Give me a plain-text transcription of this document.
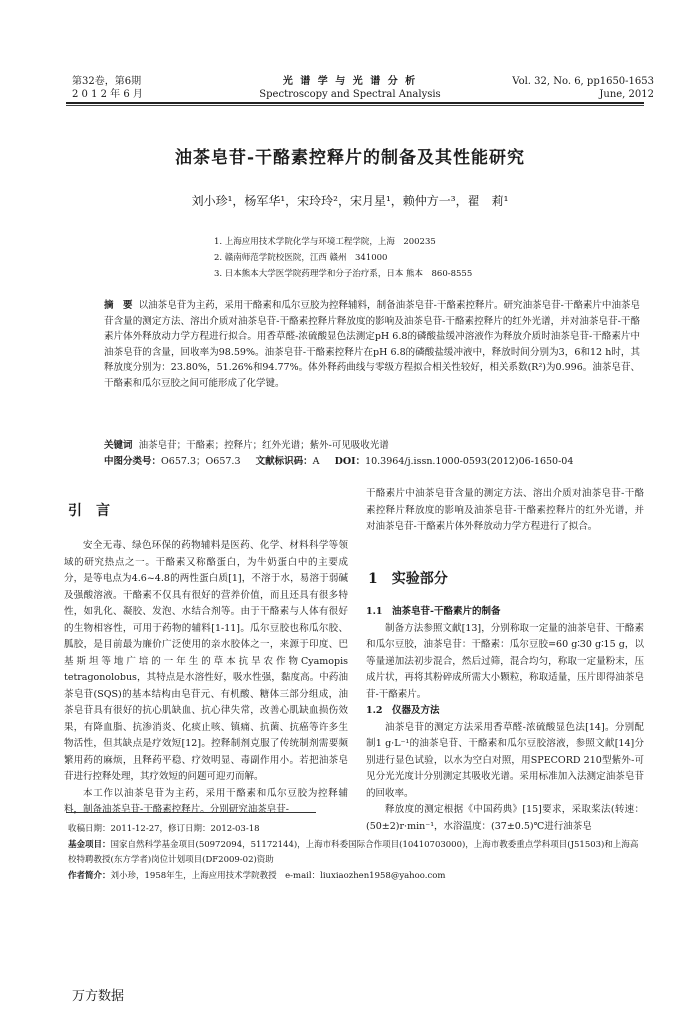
第32卷，第6期
2 0 1 2 年 6 月
光 谱 学 与 光 谱 分 析
Spectroscopy and Spectral Analysis
Vol. 32, No. 6, pp1650-1653
June, 2012
油茶皂苷-干酪素控释片的制备及其性能研究
刘小珍¹，杨军华¹，宋玲玲²，宋月星¹，赖仲方一³，翟　莉¹
1. 上海应用技术学院化学与环境工程学院，上海　200235
2. 赣南师范学院校医院，江西 赣州　341000
3. 日本熊本大学医学院药理学和分子治疗系，日本 熊本　860-8555
摘　要 以油茶皂苷为主药，采用干酪素和瓜尔豆胶为控释辅料，制备油茶皂苷-干酪素控释片。研究油茶皂苷-干酪素片中油茶皂苷含量的测定方法、溶出介质对油茶皂苷-干酪素控释片释放度的影响及油茶皂苷-干酪素控释片的红外光谱，并对油茶皂苷-干酪素片体外释放动力学方程进行拟合。用香草醛-浓硫酸显色法测定pH 6.8的磷酸盐缓冲溶液作为释放介质时油茶皂苷-干酪素片中油茶皂苷的含量，回收率为98.59%。油茶皂苷-干酪素控释片在pH 6.8的磷酸盐缓冲液中，释放时间分别为3，6和12 h时，其释放度分别为：23.80%，51.26%和94.77%。体外释药曲线与零级方程拟合相关性较好，相关系数(R²)为0.996。油茶皂苷、干酪素和瓜尔豆胶之间可能形成了化学键。
关键词 油茶皂苷；干酪素；控释片；红外光谱；紫外-可见吸收光谱
中图分类号：O657.3；O657.3 文献标识码：A DOI：10.3964/j.issn.1000-0593(2012)06-1650-04
引　言

安全无毒、绿色环保的药物辅料是医药、化学、材料科学等领域的研究热点之一。干酪素又称酪蛋白，为牛奶蛋白中的主要成分，是等电点为4.6~4.8的两性蛋白质[1]，不溶于水，易溶于弱碱及强酸溶液。干酪素不仅具有很好的营养价值，而且还具有很多特性，如乳化、凝胶、发泡、水结合剂等。由于干酪素与人体有很好的生物相容性，可用于药物的辅料[1-11]。瓜尔豆胶也称瓜尔胶、胍胶，是目前最为廉价广泛使用的亲水胶体之一，来源于印度、巴基斯坦等地广培的一年生的草本抗旱农作物Cyamopis tetragonolobus，其特点是水溶性好，吸水性强，黏度高。中药油茶皂苷(SQS)的基本结构由皂苷元、有机酸、糖体三部分组成，油茶皂苷具有很好的抗心肌缺血、抗心律失常，改善心肌缺血损伤效果，有降血脂、抗渗消炎、化痰止咳、镇痛、抗菌、抗癌等许多生物活性，但其缺点是疗效短[12]。控释制剂克服了传统制剂需要频繁用药的麻烦，且释药平稳、疗效明显、毒副作用小。若把油茶皂苷进行控释处理，其疗效短的问题可迎刃而解。

本工作以油茶皂苷为主药，采用干酪素和瓜尔豆胶为控释辅料，制备油茶皂苷-干酪素控释片。分别研究油茶皂苷-

干酪素片中油茶皂苷含量的测定方法、溶出介质对油茶皂苷-干酪素控释片释放度的影响及油茶皂苷-干酪素控释片的红外光谱，并对油茶皂苷-干酪素片体外释放动力学方程进行了拟合。

1　实验部分

1.1　油茶皂苷-干酪素片的制备

制备方法参照文献[13]，分别称取一定量的油茶皂苷、干酪素和瓜尔豆胶，油茶皂苷：干酪素：瓜尔豆胶=60 g∶30 g∶15 g，以等量递加法初步混合，然后过筛，混合均匀，称取一定量粉末，压成片状，再将其粉碎成所需大小颗粒，称取适量，压片即得油茶皂苷-干酪素片。

1.2　仪器及方法

油茶皂苷的测定方法采用香草醛-浓硫酸显色法[14]。分别配制1 g·L⁻¹的油茶皂苷、干酪素和瓜尔豆胶溶液，参照文献[14]分别进行显色试验，以水为空白对照，用SPECORD 210型紫外-可见分光光度计分别测定其吸收光谱。采用标准加入法测定油茶皂苷的回收率。

释放度的测定根据《中国药典》[15]要求，采取桨法(转速：(50±2)r·min⁻¹，水浴温度：(37±0.5)℃进行油茶皂

收稿日期：2011-12-27，修订日期：2012-03-18
基金项目：国家自然科学基金项目(50972094，51172144)，上海市科委国际合作项目(10410703000)，上海市教委重点学科项目(J51503)和上海高校特聘教授(东方学者)岗位计划项目(DF2009-02)资助
作者简介：刘小珍，1958年生，上海应用技术学院教授　e-mail：liuxiaozhen1958@yahoo.com
万方数据
